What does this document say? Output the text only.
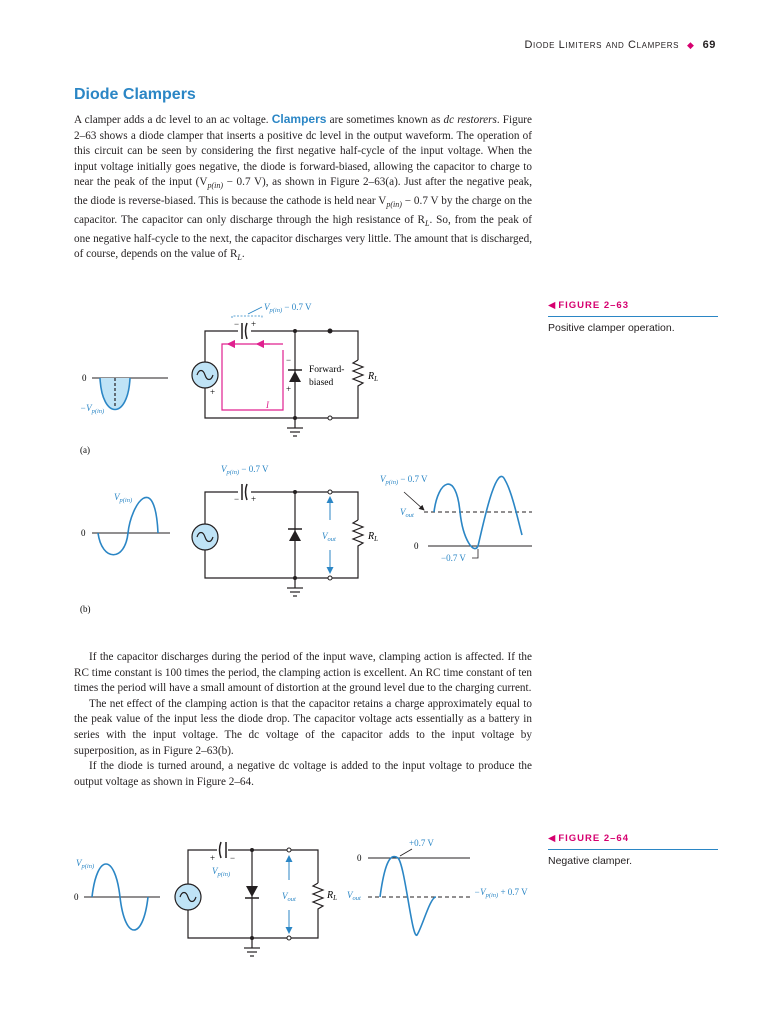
Diode Limiters and Clampers ◆ 69
Diode Clampers

A clamper adds a dc level to an ac voltage. Clampers are sometimes known as dc restorers. Figure 2–63 shows a diode clamper that inserts a positive dc level in the output waveform. The operation of this circuit can be seen by considering the first negative half-cycle of the input voltage. When the input voltage initially goes negative, the diode is forward-biased, allowing the capacitor to charge to near the peak of the input ($V_{p(in)} - 0.7$ V), as shown in Figure 2–63(a). Just after the negative peak, the diode is reverse-biased. This is because the cathode is held near $V_{p(in)} - 0.7$ V by the charge on the capacitor. The capacitor can only discharge through the high resistance of $R_L$. So, from the peak of one negative half-cycle to the next, the capacitor discharges very little. The amount that is discharged, of course, depends on the value of $R_L$.

◀ FIGURE 2–63
Positive clamper operation.
◀ FIGURE 2–64
Negative clamper.

If the capacitor discharges during the period of the input wave, clamping action is affected. If the RC time constant is 100 times the period, the clamping action is excellent. An RC time constant of ten times the period will have a small amount of distortion at the ground level due to the charging current.

The net effect of the clamping action is that the capacitor retains a charge approximately equal to the peak value of the input less the diode drop. The capacitor voltage acts essentially as a battery in series with the input voltage. The dc voltage of the capacitor adds to the input voltage by superposition, as in Figure 2–63(b).

If the diode is turned around, a negative dc voltage is added to the input voltage to produce the output voltage as shown in Figure 2–64.

0
$-V_{p(in)}$
+
− +
$V_{p(in)} - 0.7$ V
−
+
Forward-biased
$R_L$
I
(a)
0
$V_{p(in)}$	− +
$V_{p(in)} - 0.7$ V
$V_{out}$	$R_L$
0
$V_{p(in)} - 0.7$ V
$V_{out}$
−0.7 V
(b)
0
$V_{p(in)}$
+ −
$V_{p(in)}$
$V_{out}$	$R_L$
0
$V_{out}$
+0.7 V
$-V_{p(in)} + 0.7$ V
